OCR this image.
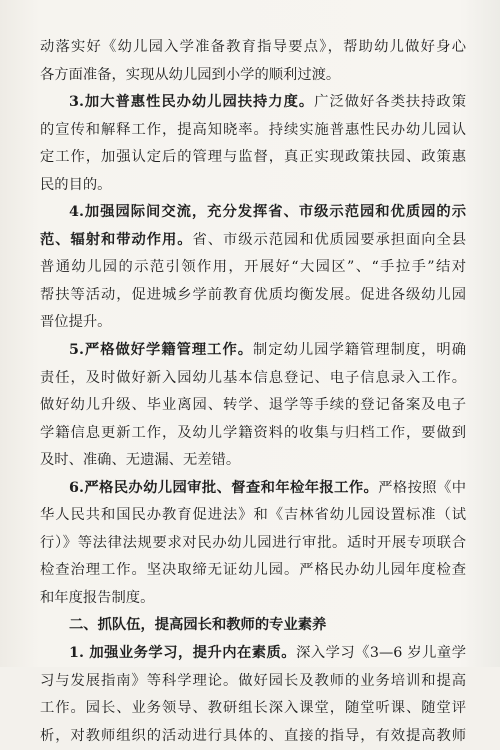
动落实好《幼儿园入学准备教育指导要点》，帮助幼儿做好身心

各方面准备，实现从幼儿园到小学的顺利过渡。

3.加大普惠性民办幼儿园扶持力度。广泛做好各类扶持政策

的宣传和解释工作，提高知晓率。持续实施普惠性民办幼儿园认

定工作，加强认定后的管理与监督，真正实现政策扶园、政策惠

民的目的。

4.加强园际间交流，充分发挥省、市级示范园和优质园的示

范、辐射和带动作用。省、市级示范园和优质园要承担面向全县

普通幼儿园的示范引领作用，开展好“大园区”、“手拉手”结对

帮扶等活动，促进城乡学前教育优质均衡发展。促进各级幼儿园

晋位提升。

5.严格做好学籍管理工作。制定幼儿园学籍管理制度，明确

责任，及时做好新入园幼儿基本信息登记、电子信息录入工作。

做好幼儿升级、毕业离园、转学、退学等手续的登记备案及电子

学籍信息更新工作，及幼儿学籍资料的收集与归档工作，要做到

及时、准确、无遗漏、无差错。

6.严格民办幼儿园审批、督查和年检年报工作。严格按照《中

华人民共和国民办教育促进法》和《吉林省幼儿园设置标准（试

行）》等法律法规要求对民办幼儿园进行审批。适时开展专项联合

检查治理工作。坚决取缔无证幼儿园。严格民办幼儿园年度检查

和年度报告制度。

二、抓队伍，提高园长和教师的专业素养

1. 加强业务学习，提升内在素质。深入学习《3—6 岁儿童学

习与发展指南》等科学理论。做好园长及教师的业务培训和提高

工作。园长、业务领导、教研组长深入课堂，随堂听课、随堂评

析，对教师组织的活动进行具体的、直接的指导，有效提高教师
